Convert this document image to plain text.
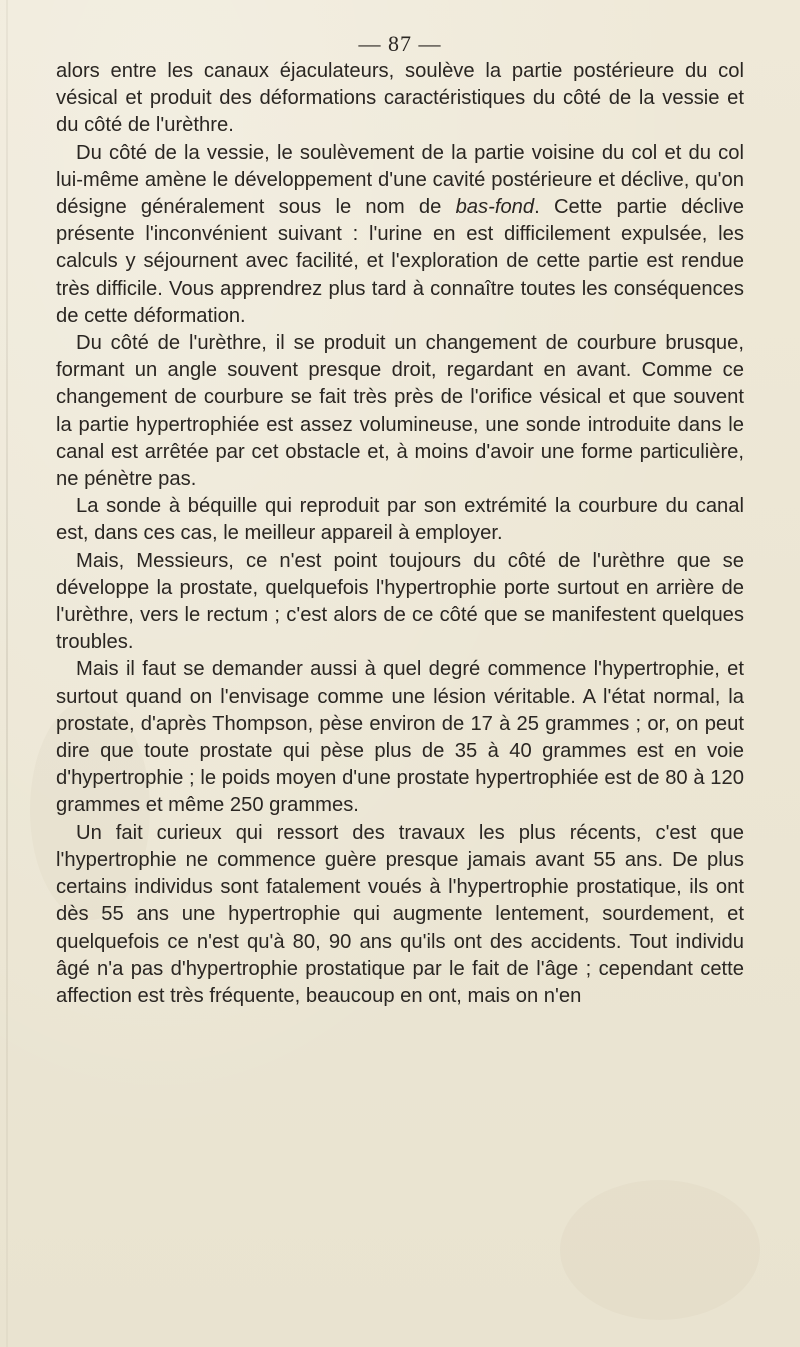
— 87 —

alors entre les canaux éjaculateurs, soulève la partie postérieure du col vésical et produit des déformations caractéristiques du côté de la vessie et du côté de l'urèthre.

Du côté de la vessie, le soulèvement de la partie voisine du col et du col lui-même amène le développement d'une cavité postérieure et déclive, qu'on désigne généralement sous le nom de bas-fond. Cette partie déclive présente l'inconvénient suivant : l'urine en est difficilement expulsée, les calculs y séjournent avec facilité, et l'exploration de cette partie est rendue très difficile. Vous apprendrez plus tard à connaître toutes les conséquences de cette déformation.

Du côté de l'urèthre, il se produit un changement de courbure brusque, formant un angle souvent presque droit, regardant en avant. Comme ce changement de courbure se fait très près de l'orifice vésical et que souvent la partie hypertrophiée est assez volumineuse, une sonde introduite dans le canal est arrêtée par cet obstacle et, à moins d'avoir une forme particulière, ne pénètre pas.

La sonde à béquille qui reproduit par son extrémité la courbure du canal est, dans ces cas, le meilleur appareil à employer.

Mais, Messieurs, ce n'est point toujours du côté de l'urèthre que se développe la prostate, quelquefois l'hypertrophie porte surtout en arrière de l'urèthre, vers le rectum ; c'est alors de ce côté que se manifestent quelques troubles.

Mais il faut se demander aussi à quel degré commence l'hypertrophie, et surtout quand on l'envisage comme une lésion véritable. A l'état normal, la prostate, d'après Thompson, pèse environ de 17 à 25 grammes ; or, on peut dire que toute prostate qui pèse plus de 35 à 40 grammes est en voie d'hypertrophie ; le poids moyen d'une prostate hypertrophiée est de 80 à 120 grammes et même 250 grammes.

Un fait curieux qui ressort des travaux les plus récents, c'est que l'hypertrophie ne commence guère presque jamais avant 55 ans. De plus certains individus sont fatalement voués à l'hypertrophie prostatique, ils ont dès 55 ans une hypertrophie qui augmente lentement, sourdement, et quelquefois ce n'est qu'à 80, 90 ans qu'ils ont des accidents. Tout individu âgé n'a pas d'hypertrophie prostatique par le fait de l'âge ; cependant cette affection est très fréquente, beaucoup en ont, mais on n'en
